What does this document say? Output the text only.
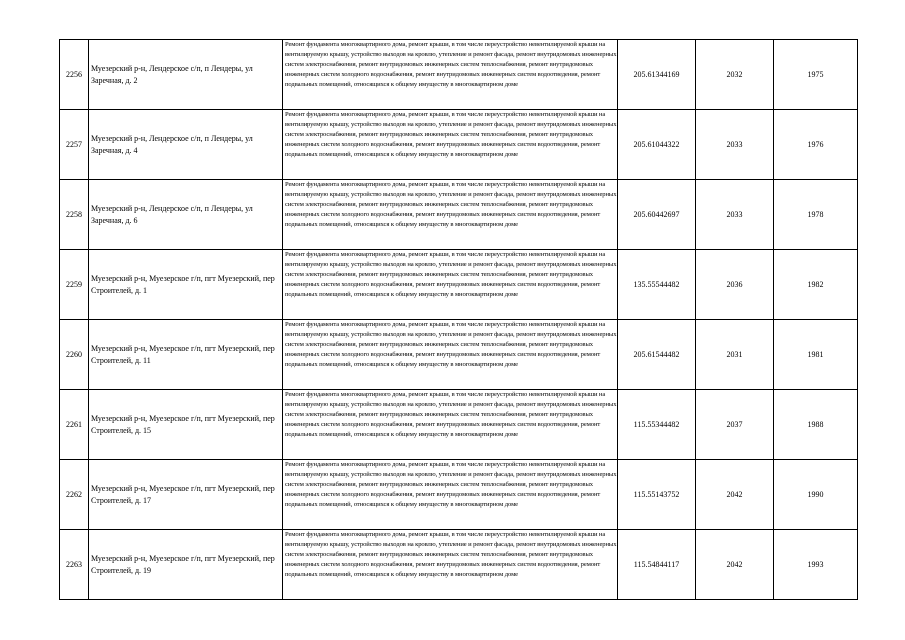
2256	Муезерский р-н, Лендерское с/п, п Лендеры, ул Заречная, д. 2	Ремонт фундамента многоквартирного дома, ремонт крыши, в том числе переустройство невентилируемой крыши на вентилируемую крышу, устройство выходов на кровлю, утепление и ремонт фасада, ремонт внутридомовых инженерных систем электроснабжения, ремонт внутридомовых инженерных систем теплоснабжения, ремонт внутридомовых инженерных систем холодного водоснабжения, ремонт внутридомовых инженерных систем водоотведения, ремонт подвальных помещений, относящихся к общему имуществу в многоквартирном доме	205.61344169	2032	1975
2257	Муезерский р-н, Лендерское с/п, п Лендеры, ул Заречная, д. 4	Ремонт фундамента многоквартирного дома, ремонт крыши, в том числе переустройство невентилируемой крыши на вентилируемую крышу, устройство выходов на кровлю, утепление и ремонт фасада, ремонт внутридомовых инженерных систем электроснабжения, ремонт внутридомовых инженерных систем теплоснабжения, ремонт внутридомовых инженерных систем холодного водоснабжения, ремонт внутридомовых инженерных систем водоотведения, ремонт подвальных помещений, относящихся к общему имуществу в многоквартирном доме	205.61044322	2033	1976
2258	Муезерский р-н, Лендерское с/п, п Лендеры, ул Заречная, д. 6	Ремонт фундамента многоквартирного дома, ремонт крыши, в том числе переустройство невентилируемой крыши на вентилируемую крышу, устройство выходов на кровлю, утепление и ремонт фасада, ремонт внутридомовых инженерных систем электроснабжения, ремонт внутридомовых инженерных систем теплоснабжения, ремонт внутридомовых инженерных систем холодного водоснабжения, ремонт внутридомовых инженерных систем водоотведения, ремонт подвальных помещений, относящихся к общему имуществу в многоквартирном доме	205.60442697	2033	1978
2259	Муезерский р-н, Муезерское г/п, пгт Муезерский, пер Строителей, д. 1	Ремонт фундамента многоквартирного дома, ремонт крыши, в том числе переустройство невентилируемой крыши на вентилируемую крышу, устройство выходов на кровлю, утепление и ремонт фасада, ремонт внутридомовых инженерных систем электроснабжения, ремонт внутридомовых инженерных систем теплоснабжения, ремонт внутридомовых инженерных систем холодного водоснабжения, ремонт внутридомовых инженерных систем водоотведения, ремонт подвальных помещений, относящихся к общему имуществу в многоквартирном доме	135.55544482	2036	1982
2260	Муезерский р-н, Муезерское г/п, пгт Муезерский, пер Строителей, д. 11	Ремонт фундамента многоквартирного дома, ремонт крыши, в том числе переустройство невентилируемой крыши на вентилируемую крышу, устройство выходов на кровлю, утепление и ремонт фасада, ремонт внутридомовых инженерных систем электроснабжения, ремонт внутридомовых инженерных систем теплоснабжения, ремонт внутридомовых инженерных систем холодного водоснабжения, ремонт внутридомовых инженерных систем водоотведения, ремонт подвальных помещений, относящихся к общему имуществу в многоквартирном доме	205.61544482	2031	1981
2261	Муезерский р-н, Муезерское г/п, пгт Муезерский, пер Строителей, д. 15	Ремонт фундамента многоквартирного дома, ремонт крыши, в том числе переустройство невентилируемой крыши на вентилируемую крышу, устройство выходов на кровлю, утепление и ремонт фасада, ремонт внутридомовых инженерных систем электроснабжения, ремонт внутридомовых инженерных систем теплоснабжения, ремонт внутридомовых инженерных систем холодного водоснабжения, ремонт внутридомовых инженерных систем водоотведения, ремонт подвальных помещений, относящихся к общему имуществу в многоквартирном доме	115.55344482	2037	1988
2262	Муезерский р-н, Муезерское г/п, пгт Муезерский, пер Строителей, д. 17	Ремонт фундамента многоквартирного дома, ремонт крыши, в том числе переустройство невентилируемой крыши на вентилируемую крышу, устройство выходов на кровлю, утепление и ремонт фасада, ремонт внутридомовых инженерных систем электроснабжения, ремонт внутридомовых инженерных систем теплоснабжения, ремонт внутридомовых инженерных систем холодного водоснабжения, ремонт внутридомовых инженерных систем водоотведения, ремонт подвальных помещений, относящихся к общему имуществу в многоквартирном доме	115.55143752	2042	1990
2263	Муезерский р-н, Муезерское г/п, пгт Муезерский, пер Строителей, д. 19	Ремонт фундамента многоквартирного дома, ремонт крыши, в том числе переустройство невентилируемой крыши на вентилируемую крышу, устройство выходов на кровлю, утепление и ремонт фасада, ремонт внутридомовых инженерных систем электроснабжения, ремонт внутридомовых инженерных систем теплоснабжения, ремонт внутридомовых инженерных систем холодного водоснабжения, ремонт внутридомовых инженерных систем водоотведения, ремонт подвальных помещений, относящихся к общему имуществу в многоквартирном доме	115.54844117	2042	1993
